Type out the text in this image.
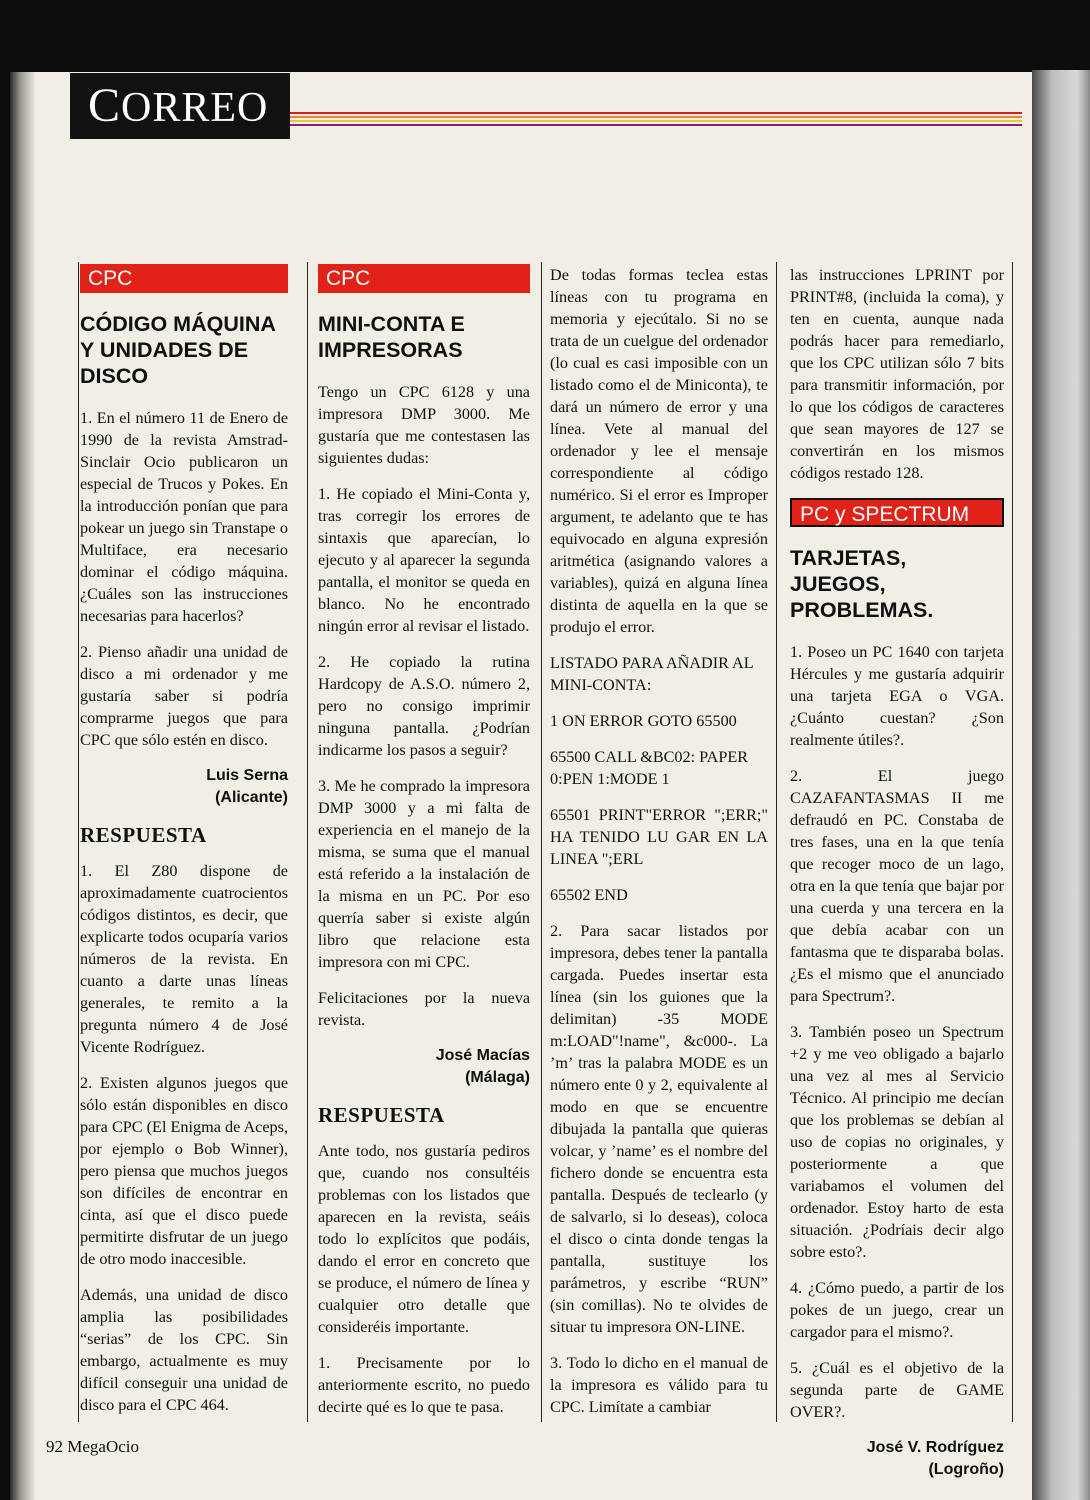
CORREO
CPC
CÓDIGO MÁQUINA Y UNIDADES DE DISCO

1. En el número 11 de Enero de 1990 de la revista Amstrad-Sinclair Ocio publicaron un especial de Trucos y Pokes. En la introducción ponían que para pokear un juego sin Transtape o Multiface, era necesario dominar el código máquina. ¿Cuáles son las instrucciones necesarias para hacerlos?

2. Pienso añadir una unidad de disco a mi ordenador y me gustaría saber si podría comprarme juegos que para CPC que sólo estén en disco.

Luis Serna
(Alicante)
RESPUESTA

1. El Z80 dispone de aproximadamente cuatrocientos códigos distintos, es decir, que explicarte todos ocuparía varios números de la revista. En cuanto a darte unas líneas generales, te remito a la pregunta número 4 de José Vicente Rodríguez.

2. Existen algunos juegos que sólo están disponibles en disco para CPC (El Enigma de Aceps, por ejemplo o Bob Winner), pero piensa que muchos juegos son difíciles de encontrar en cinta, así que el disco puede permitirte disfrutar de un juego de otro modo inaccesible.

Además, una unidad de disco amplia las posibilidades “serias” de los CPC. Sin embargo, actualmente es muy difícil conseguir una unidad de disco para el CPC 464.

CPC
MINI-CONTA E IMPRESORAS

Tengo un CPC 6128 y una impresora DMP 3000. Me gustaría que me contestasen las siguientes dudas:

1. He copiado el Mini-Conta y, tras corregir los errores de sintaxis que aparecían, lo ejecuto y al aparecer la segunda pantalla, el monitor se queda en blanco. No he encontrado ningún error al revisar el listado.

2. He copiado la rutina Hardcopy de A.S.O. número 2, pero no consigo imprimir ninguna pantalla. ¿Podrían indicarme los pasos a seguir?

3. Me he comprado la impresora DMP 3000 y a mi falta de experiencia en el manejo de la misma, se suma que el manual está referido a la instalación de la misma en un PC. Por eso querría saber si existe algún libro que relacione esta impresora con mi CPC.

Felicitaciones por la nueva revista.

José Macías
(Málaga)
RESPUESTA

Ante todo, nos gustaría pediros que, cuando nos consultéis problemas con los listados que aparecen en la revista, seáis todo lo explícitos que podáis, dando el error en concreto que se produce, el número de línea y cualquier otro detalle que consideréis importante.

1. Precisamente por lo anteriormente escrito, no puedo decirte qué es lo que te pasa.

De todas formas teclea estas líneas con tu programa en memoria y ejecútalo. Si no se trata de un cuelgue del ordenador (lo cual es casi imposible con un listado como el de Miniconta), te dará un número de error y una línea. Vete al manual del ordenador y lee el mensaje correspondiente al código numérico. Si el error es Improper argument, te adelanto que te has equivocado en alguna expresión aritmética (asignando valores a variables), quizá en alguna línea distinta de aquella en la que se produjo el error.

LISTADO PARA AÑADIR AL MINI-CONTA:

1 ON ERROR GOTO 65500

65500 CALL &BC02: PAPER 0:PEN 1:MODE 1

65501 PRINT"ERROR ";ERR;" HA TENIDO LU GAR EN LA LINEA ";ERL

65502 END

2. Para sacar listados por impresora, debes tener la pantalla cargada. Puedes insertar esta línea (sin los guiones que la delimitan) -35 MODE m:LOAD"!name", &c000-. La ’m’ tras la palabra MODE es un número ente 0 y 2, equivalente al modo en que se encuentre dibujada la pantalla que quieras volcar, y ’name’ es el nombre del fichero donde se encuentra esta pantalla. Después de teclearlo (y de salvarlo, si lo deseas), coloca el disco o cinta donde tengas la pantalla, sustituye los parámetros, y escribe “RUN” (sin comillas). No te olvides de situar tu impresora ON-LINE.

3. Todo lo dicho en el manual de la impresora es válido para tu CPC. Limítate a cambiar

las instrucciones LPRINT por PRINT#8, (incluida la coma), y ten en cuenta, aunque nada podrás hacer para remediarlo, que los CPC utilizan sólo 7 bits para transmitir información, por lo que los códigos de caracteres que sean mayores de 127 se convertirán en los mismos códigos restado 128.

PC y SPECTRUM
TARJETAS, JUEGOS, PROBLEMAS.

1. Poseo un PC 1640 con tarjeta Hércules y me gustaría adquirir una tarjeta EGA o VGA. ¿Cuánto cuestan? ¿Son realmente útiles?.

2. El juego CAZAFANTASMAS II me defraudó en PC. Constaba de tres fases, una en la que tenía que recoger moco de un lago, otra en la que tenía que bajar por una cuerda y una tercera en la que debía acabar con un fantasma que te disparaba bolas. ¿Es el mismo que el anunciado para Spectrum?.

3. También poseo un Spectrum +2 y me veo obligado a bajarlo una vez al mes al Servicio Técnico. Al principio me decían que los problemas se debían al uso de copias no originales, y posteriormente a que variabamos el volumen del ordenador. Estoy harto de esta situación. ¿Podríais decir algo sobre esto?.

4. ¿Cómo puedo, a partir de los pokes de un juego, crear un cargador para el mismo?.

5. ¿Cuál es el objetivo de la segunda parte de GAME OVER?.

José V. Rodríguez
(Logroño)
92 MegaOcio
